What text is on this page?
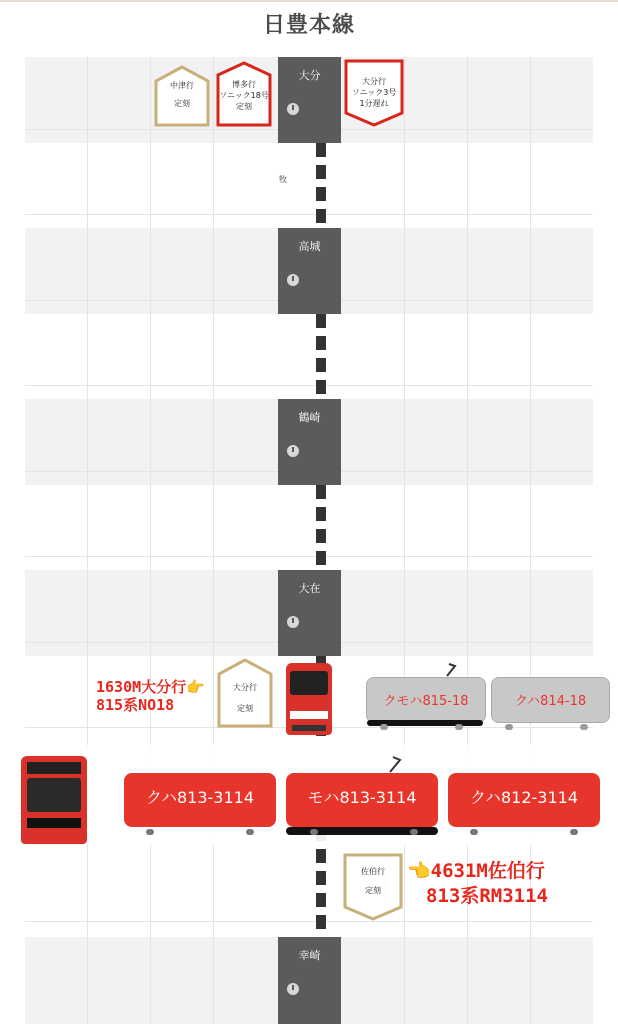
日豊本線
大分
高城
鶴崎
大在
幸崎
牧
中津行
定刻
博多行
ソニック18号
定刻
大分行
ソニック3号
1分遅れ
大分行
定刻
佐伯行
定刻
クモハ815-18	クハ814-18
1630M大分行👉
815系NO18
クハ813-3114	モハ813-3114	クハ812-3114
👈4631M佐伯行
813系RM3114
